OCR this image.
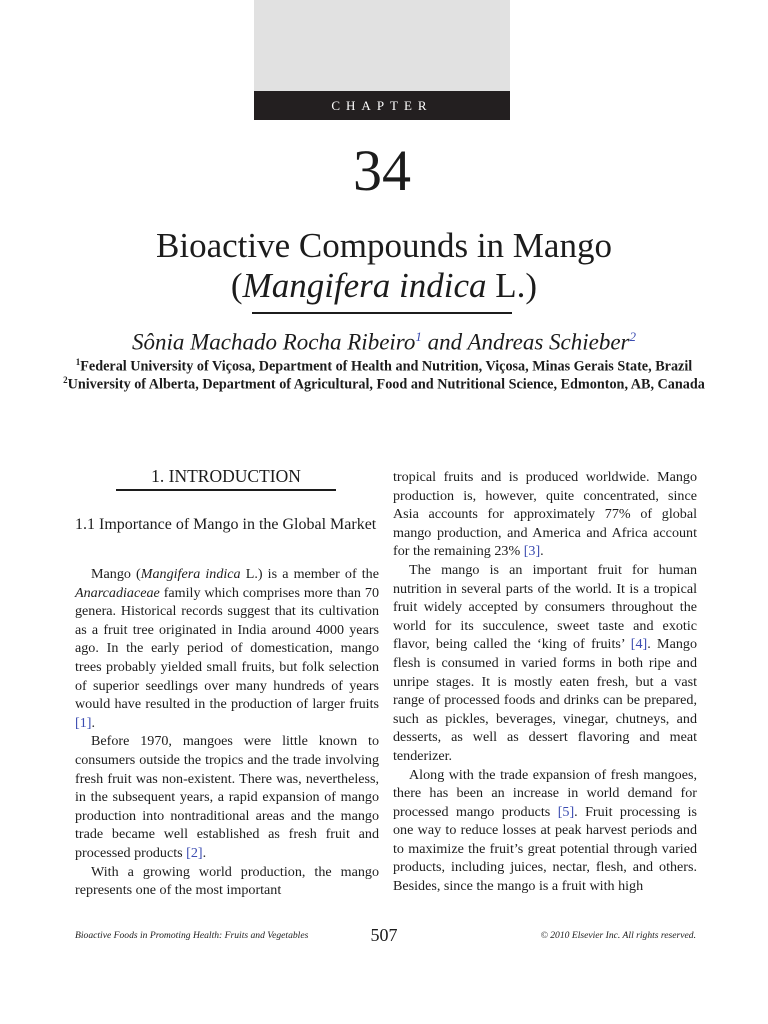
CHAPTER
34
Bioactive Compounds in Mango
(Mangifera indica L.)
Sônia Machado Rocha Ribeiro$^1$ and Andreas Schieber$^2$
$^1$Federal University of Viçosa, Department of Health and Nutrition, Viçosa, Minas Gerais State, Brazil
$^2$University of Alberta, Department of Agricultural, Food and Nutritional Science, Edmonton, AB, Canada
1. INTRODUCTION
1.1 Importance of Mango in the Global Market

Mango (Mangifera indica L.) is a member of the Anarcadiaceae family which comprises more than 70 genera. Historical records suggest that its cultivation as a fruit tree originated in India around 4000 years ago. In the early period of domestication, mango trees probably yielded small fruits, but folk selection of superior seedlings over many hundreds of years would have resulted in the production of larger fruits [1].

Before 1970, mangoes were little known to consumers outside the tropics and the trade involving fresh fruit was non-existent. There was, nevertheless, in the subsequent years, a rapid expansion of mango production into nontraditional areas and the mango trade became well established as fresh fruit and processed products [2].

With a growing world production, the mango represents one of the most important

tropical fruits and is produced worldwide. Mango production is, however, quite concentrated, since Asia accounts for approximately 77% of global mango production, and America and Africa account for the remaining 23% [3].

The mango is an important fruit for human nutrition in several parts of the world. It is a tropical fruit widely accepted by consumers throughout the world for its succulence, sweet taste and exotic flavor, being called the ‘king of fruits’ [4]. Mango flesh is consumed in varied forms in both ripe and unripe stages. It is mostly eaten fresh, but a vast range of processed foods and drinks can be prepared, such as pickles, beverages, vinegar, chutneys, and desserts, as well as dessert flavoring and meat tenderizer.

Along with the trade expansion of fresh mangoes, there has been an increase in world demand for processed mango products [5]. Fruit processing is one way to reduce losses at peak harvest periods and to maximize the fruit’s great potential through varied products, including juices, nectar, flesh, and others. Besides, since the mango is a fruit with high

Bioactive Foods in Promoting Health: Fruits and Vegetables	507	© 2010 Elsevier Inc. All rights reserved.
